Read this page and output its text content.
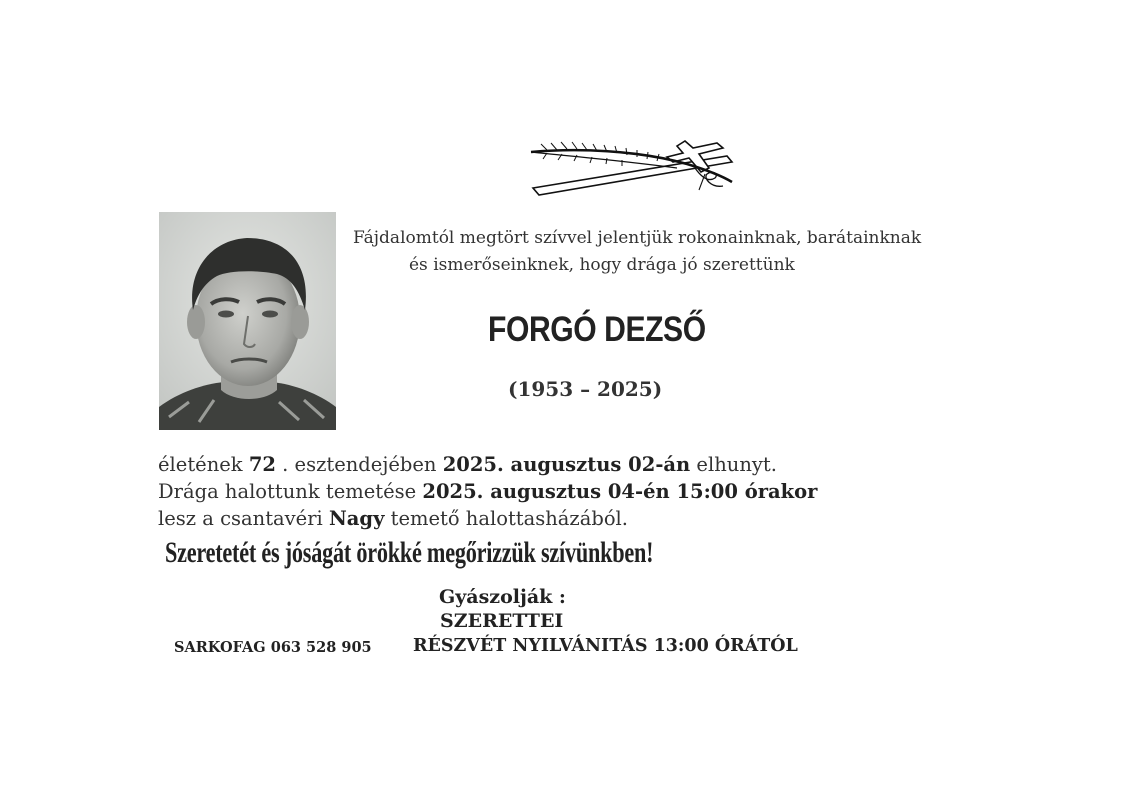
Fájdalomtól megtört szívvel jelentjük rokonainknak, barátainknak
és ismerőseinknek, hogy drága jó szerettünk
FORGÓ DEZSŐ
(1953 – 2025)
életének 72 . esztendejében 2025. augusztus 02-án elhunyt.
Drága halottunk temetése 2025. augusztus 04-én 15:00 órakor
lesz a csantavéri Nagy temető halottasházából.
Szeretetét és jóságát örökké megőrizzük szívünkben!
Gyászolják :
SZERETTEI
SARKOFAG 063 528 905 RÉSZVÉT NYILVÁNITÁS 13:00 ÓRÁTÓL
